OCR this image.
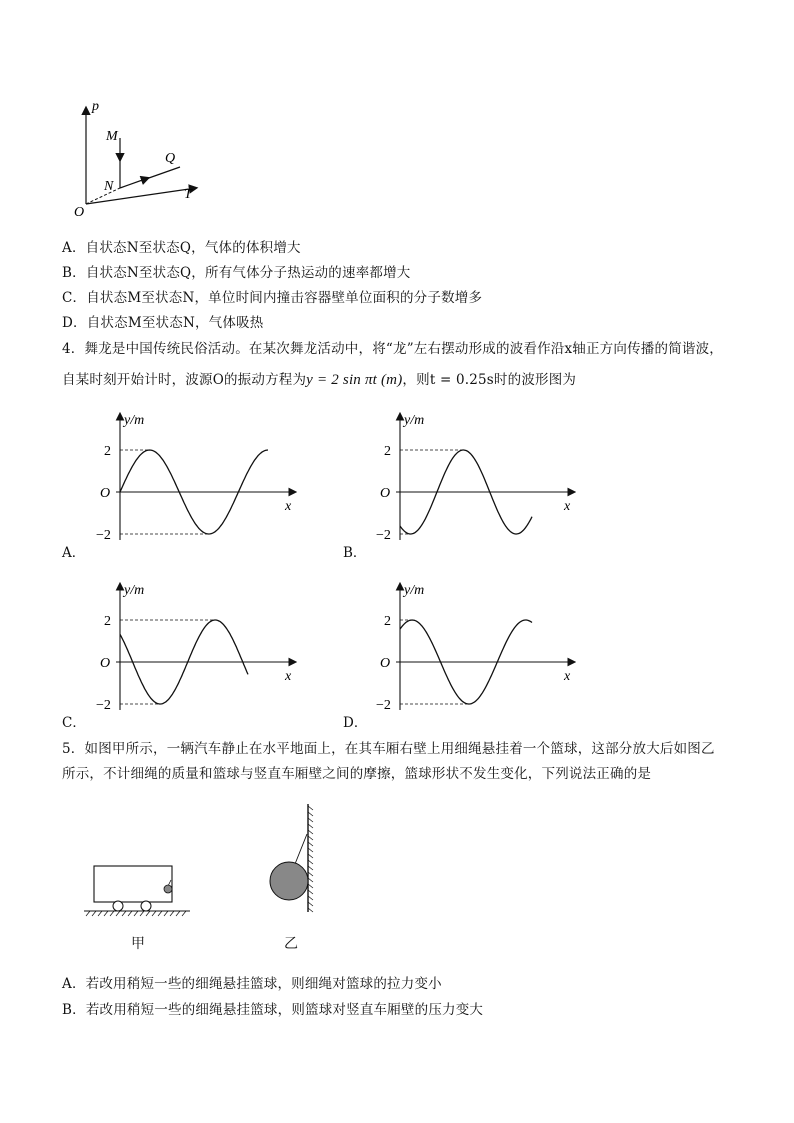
p
T
O
M
N
Q
A．自状态N至状态Q，气体的体积增大
B．自状态N至状态Q，所有气体分子热运动的速率都增大
C．自状态M至状态N，单位时间内撞击容器壁单位面积的分子数增多
D．自状态M至状态N，气体吸热
4．舞龙是中国传统民俗活动。在某次舞龙活动中，将“龙”左右摆动形成的波看作沿x轴正方向传播的简谐波，
自某时刻开始计时，波源O的振动方程为y = 2 sin πt (m)，则t = 0.25s时的波形图为
y/m
x
O
2
−2
y/m
x
O
2
−2
y/m
x
O
2
−2
y/m
x
O
2
−2
A．	B．
C．	D．
5．如图甲所示，一辆汽车静止在水平地面上，在其车厢右壁上用细绳悬挂着一个篮球，这部分放大后如图乙
所示，不计细绳的质量和篮球与竖直车厢壁之间的摩擦，篮球形状不发生变化，下列说法正确的是
甲	乙
A．若改用稍短一些的细绳悬挂篮球，则细绳对篮球的拉力变小
B．若改用稍短一些的细绳悬挂篮球，则篮球对竖直车厢壁的压力变大
